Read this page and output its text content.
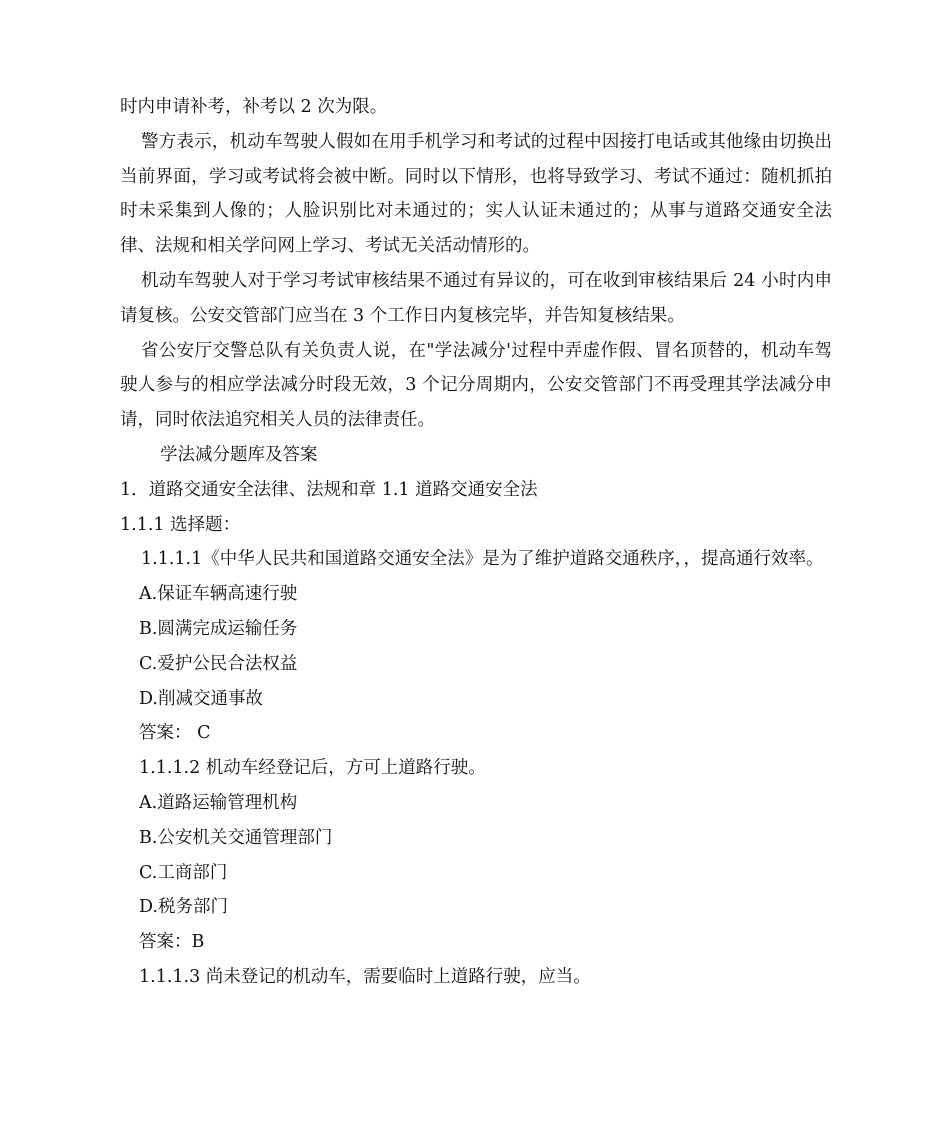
时内申请补考，补考以 2 次为限。

警方表示，机动车驾驶人假如在用手机学习和考试的过程中因接打电话或其他缘由切换出当前界面，学习或考试将会被中断。同时以下情形，也将导致学习、考试不通过：随机抓拍时未采集到人像的；人脸识别比对未通过的；实人认证未通过的；从事与道路交通安全法律、法规和相关学问网上学习、考试无关活动情形的。

机动车驾驶人对于学习考试审核结果不通过有异议的，可在收到审核结果后 24 小时内申请复核。公安交管部门应当在 3 个工作日内复核完毕，并告知复核结果。

省公安厅交警总队有关负责人说，在"学法减分'过程中弄虚作假、冒名顶替的，机动车驾驶人参与的相应学法减分时段无效，3 个记分周期内，公安交管部门不再受理其学法减分申请，同时依法追究相关人员的法律责任。

学法减分题库及答案

1．道路交通安全法律、法规和章 1.1 道路交通安全法

1.1.1 选择题：

1.1.1.1《中华人民共和国道路交通安全法》是为了维护道路交通秩序，，提高通行效率。

A.保证车辆高速行驶

B.圆满完成运输任务

C.爱护公民合法权益

D.削减交通事故

答案： C

1.1.1.2 机动车经登记后，方可上道路行驶。

A.道路运输管理机构

B.公安机关交通管理部门

C.工商部门

D.税务部门

答案：B

1.1.1.3 尚未登记的机动车，需要临时上道路行驶，应当。
